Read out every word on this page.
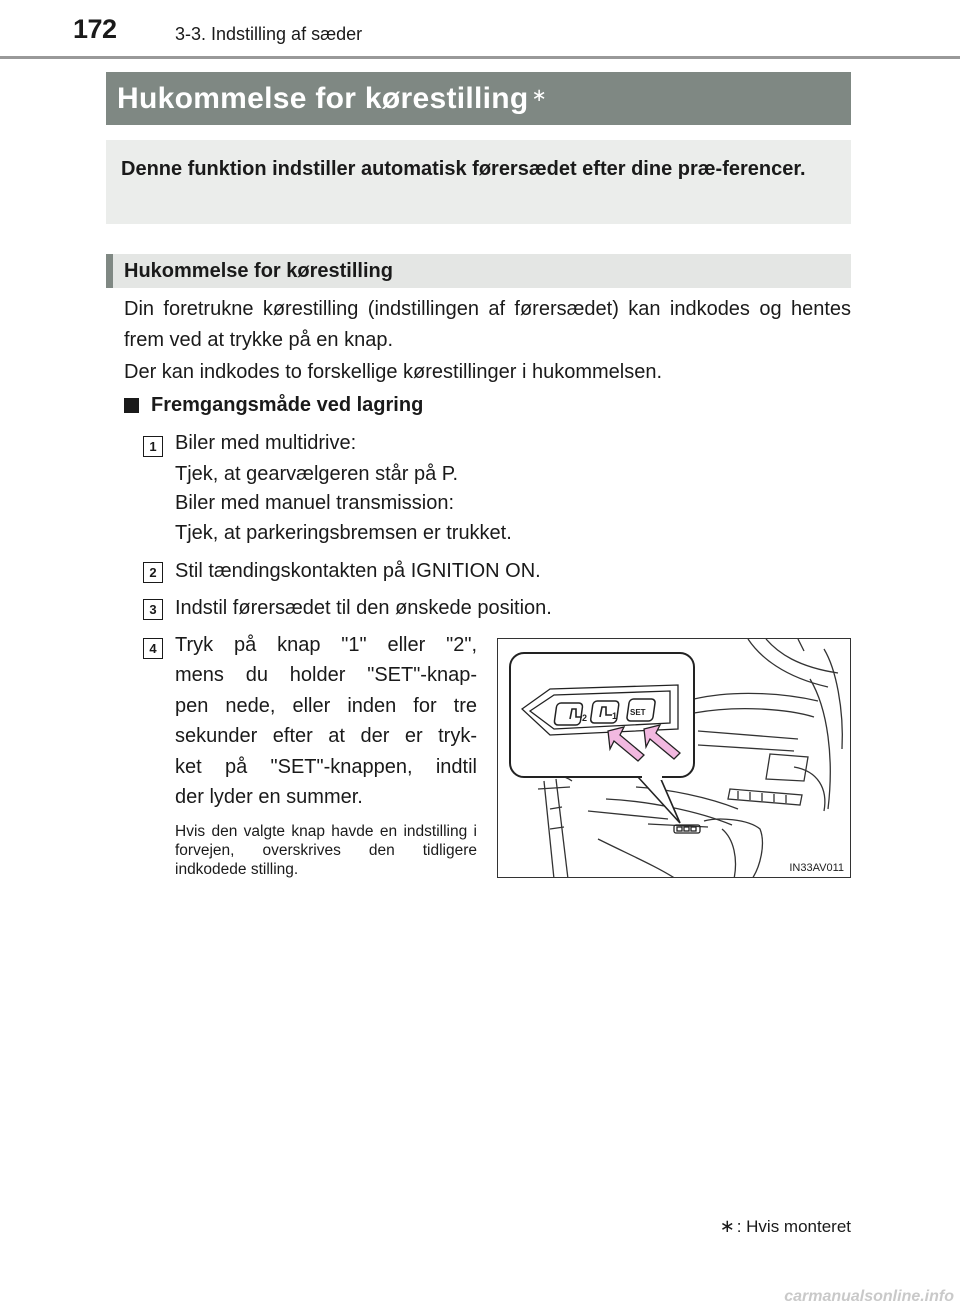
172	3-3. Indstilling af sæder
Hukommelse for kørestilling ∗
Denne funktion indstiller automatisk førersædet efter dine præ-ferencer.
Hukommelse for kørestilling
Din foretrukne kørestilling (indstillingen af førersædet) kan indkodes og hentes frem ved at trykke på en knap.
Der kan indkodes to forskellige kørestillinger i hukommelsen.
Fremgangsmåde ved lagring
1 Biler med multidrive:
Tjek, at gearvælgeren står på P.
Biler med manuel transmission:
Tjek, at parkeringsbremsen er trukket.
2 Stil tændingskontakten på IGNITION ON.
3 Indstil førersædet til den ønskede position.
4 Tryk på knap "1" eller "2",
mens du holder "SET"-knap-
pen nede, eller inden for tre
sekunder efter at der er tryk-
ket på "SET"-knappen, indtil
der lyder en summer.
Hvis den valgte knap havde en indstilling i forvejen, overskrives den tidligere indkodede stilling.
2	1 SET
IN33AV011
∗ : Hvis monteret
carmanualsonline.info
